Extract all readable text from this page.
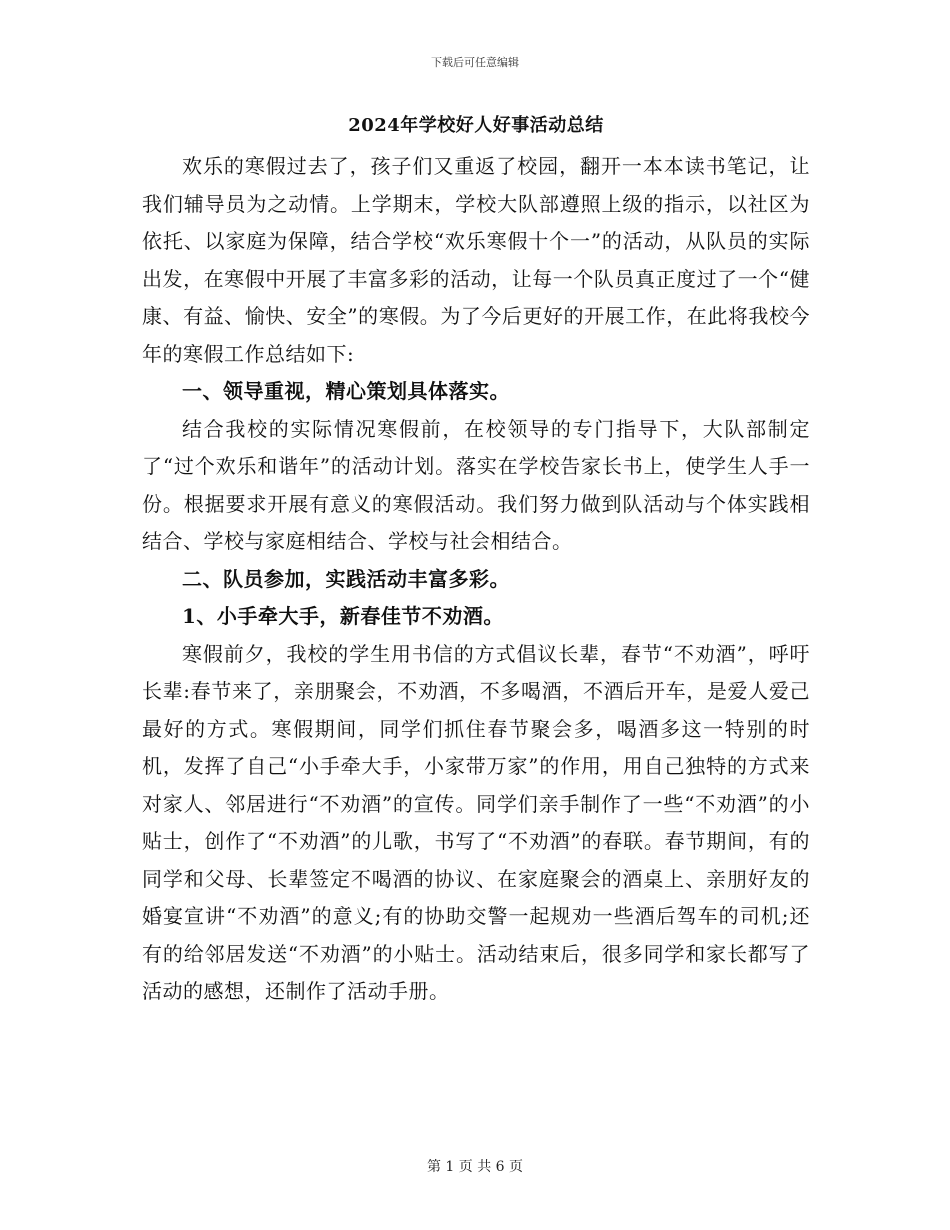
下载后可任意编辑
2024年学校好人好事活动总结

欢乐的寒假过去了，孩子们又重返了校园，翻开一本本读书笔记，让我们辅导员为之动情。上学期末，学校大队部遵照上级的指示，以社区为依托、以家庭为保障，结合学校“欢乐寒假十个一”的活动，从队员的实际出发，在寒假中开展了丰富多彩的活动，让每一个队员真正度过了一个“健康、有益、愉快、安全”的寒假。为了今后更好的开展工作，在此将我校今年的寒假工作总结如下:

一、领导重视，精心策划具体落实。

结合我校的实际情况寒假前，在校领导的专门指导下，大队部制定了“过个欢乐和谐年”的活动计划。落实在学校告家长书上，使学生人手一份。根据要求开展有意义的寒假活动。我们努力做到队活动与个体实践相结合、学校与家庭相结合、学校与社会相结合。

二、队员参加，实践活动丰富多彩。

1、小手牵大手，新春佳节不劝酒。

寒假前夕，我校的学生用书信的方式倡议长辈，春节“不劝酒”，呼吁长辈:春节来了，亲朋聚会，不劝酒，不多喝酒，不酒后开车，是爱人爱己最好的方式。寒假期间，同学们抓住春节聚会多，喝酒多这一特别的时机，发挥了自己“小手牵大手，小家带万家”的作用，用自己独特的方式来对家人、邻居进行“不劝酒”的宣传。同学们亲手制作了一些“不劝酒”的小贴士，创作了“不劝酒”的儿歌，书写了“不劝酒”的春联。春节期间，有的同学和父母、长辈签定不喝酒的协议、在家庭聚会的酒桌上、亲朋好友的婚宴宣讲“不劝酒”的意义;有的协助交警一起规劝一些酒后驾车的司机;还有的给邻居发送“不劝酒”的小贴士。活动结束后，很多同学和家长都写了活动的感想，还制作了活动手册。

第 1 页 共 6 页
